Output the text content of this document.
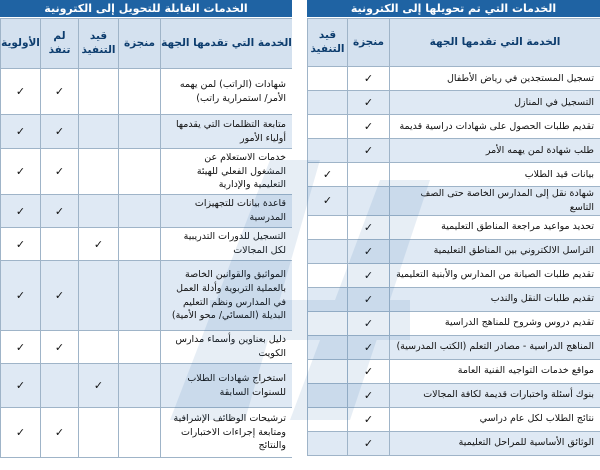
الخدمات القابلة للتحويل إلى الكترونية
الأولوية	لم تنفذ	قيد التنفيذ	منجزة	الخدمة التي تقدمها الجهة
✓	✓			شهادات (الراتب) لمن يهمه الأمر/ استمرارية راتب)
✓	✓			متابعة التظلمات التي يقدمها أولياء الأمور
✓	✓			خدمات الاستعلام عن المشغول الفعلي للهيئة التعليمية والإدارية
✓	✓			قاعدة بيانات للتجهيزات المدرسية
✓		✓		التسجيل للدورات التدريبية لكل المجالات
✓	✓			المواثيق والقوانين الخاصة بالعملية التربوية وأدلة العمل في المدارس ونظم التعليم البديلة (المسائي/ محو الأمية)
✓	✓			دليل بعناوين وأسماء مدارس الكويت
✓		✓		استخراج شهادات الطلاب للسنوات السابقة
✓	✓			ترشيحات الوظائف الإشرافية ومتابعة إجراءات الاختبارات والنتائج
الخدمات التي تم تحويلها إلى الكترونية
قيد التنفيذ	منجزة	الخدمة التي تقدمها الجهة
	✓	تسجيل المستجدين في رياض الأطفال
	✓	التسجيل في المنازل
	✓	تقديم طلبات الحصول على شهادات دراسية قديمة
	✓	طلب شهادة لمن يهمه الأمر
✓		بيانات قيد الطلاب
✓		شهادة نقل إلى المدارس الخاصة حتى الصف التاسع
	✓	تحديد مواعيد مراجعة المناطق التعليمية
	✓	التراسل الالكتروني بين المناطق التعليمية
	✓	تقديم طلبات الصيانة من المدارس والأبنية التعليمية
	✓	تقديم طلبات النقل والندب
	✓	تقديم دروس وشروح للمناهج الدراسية
	✓	المناهج الدراسية - مصادر التعلم (الكتب المدرسية)
	✓	مواقع خدمات التواجيه الفنية العامة
	✓	بنوك أسئلة واختبارات قديمة لكافة المجالات
	✓	نتائج الطلاب لكل عام دراسي
	✓	الوثائق الأساسية للمراحل التعليمية
